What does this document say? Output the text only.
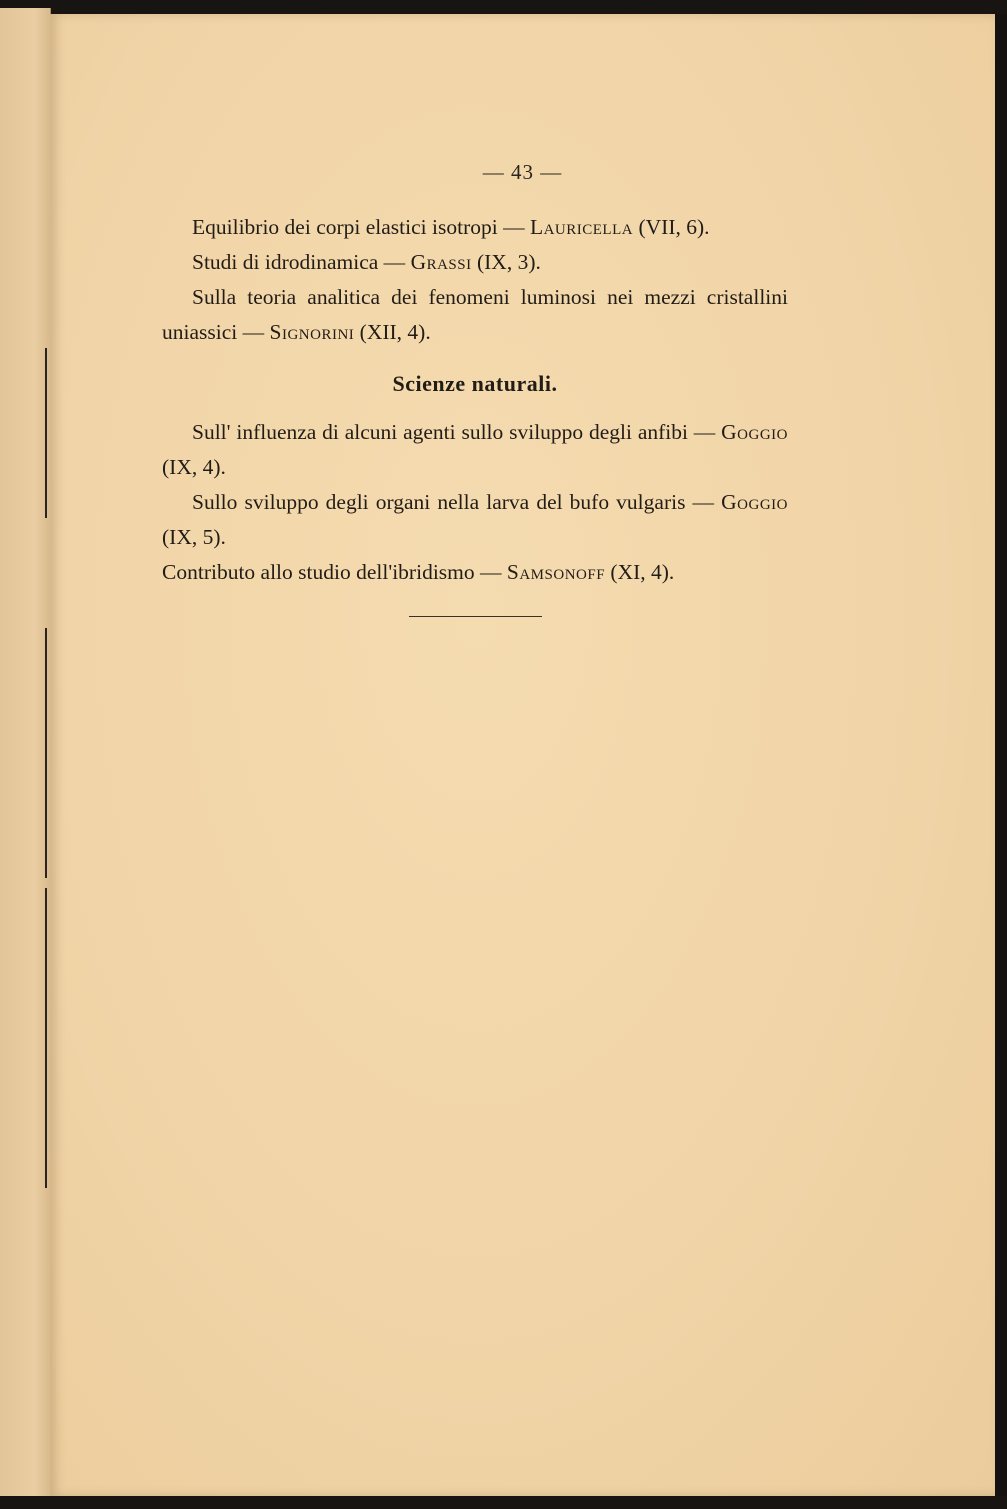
— 43 —

Equilibrio dei corpi elastici isotropi — Lauricella (VII, 6).

Studi di idrodinamica — Grassi (IX, 3).

Sulla teoria analitica dei fenomeni luminosi nei mezzi cristallini uniassici — Signorini (XII, 4).

Scienze naturali.

Sull' influenza di alcuni agenti sullo sviluppo degli anfibi — Goggio (IX, 4).

Sullo sviluppo degli organi nella larva del bufo vulgaris — Goggio (IX, 5).

Contributo allo studio dell'ibridismo — Samsonoff (XI, 4).
